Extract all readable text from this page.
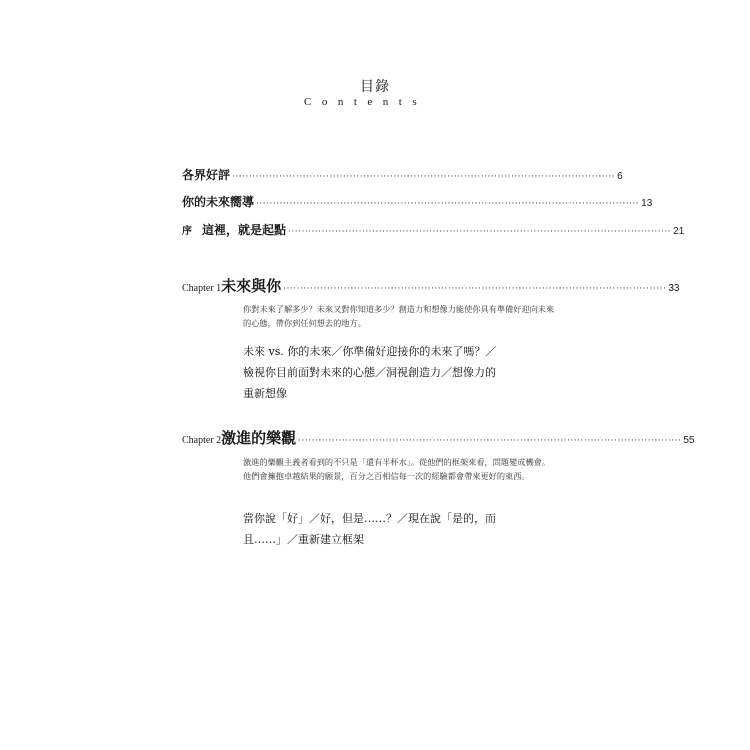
目錄
Contents
各界好評 ·················································································································· 6
你的未來嚮導 ·················································································································· 13
序 這裡，就是起點 ·················································································································· 21
Chapter 1 未來與你 ·················································································································· 33
你對未來了解多少？未來又對你知道多少？創造力和想像力能使你具有準備好迎向未來的心態，帶你到任何想去的地方。
未來 vs. 你的未來／你準備好迎接你的未來了嗎？／
檢視你目前面對未來的心態／洞視創造力／想像力的
重新想像
Chapter 2 激進的樂觀 ·················································································································· 55
激進的樂觀主義者看到的不只是「還有半杯水」。從他們的框架來看，問題變成機會。他們會擁抱卓越結果的願景，百分之百相信每一次的經驗都會帶來更好的東西。
當你說「好」／好，但是……？／現在說「是的，而
且……」／重新建立框架
